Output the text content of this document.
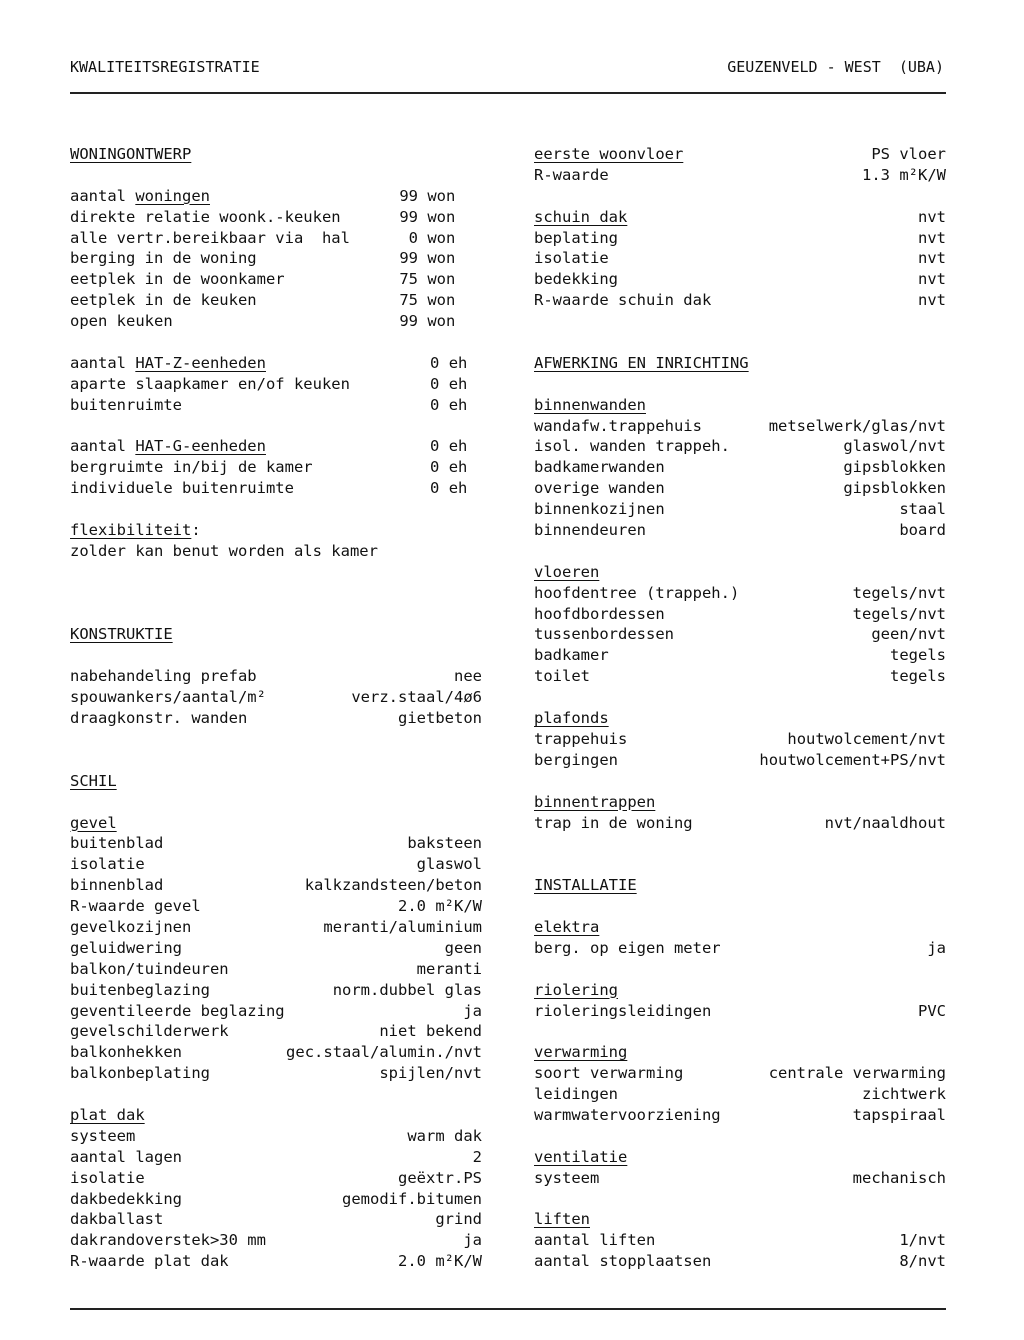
KWALITEITSREGISTRATIE	GEUZENVELD - WEST  (UBA)
WONINGONTWERP
aantal woningen	99 won
direkte relatie woonk.-keuken	99 won
alle vertr.bereikbaar via  hal	0 won
berging in de woning	99 won
eetplek in de woonkamer	75 won
eetplek in de keuken	75 won
open keuken	99 won
aantal HAT-Z-eenheden	0 eh
aparte slaapkamer en/of keuken	0 eh
buitenruimte	0 eh
aantal HAT-G-eenheden	0 eh
bergruimte in/bij de kamer	0 eh
individuele buitenruimte	0 eh
flexibiliteit:
zolder kan benut worden als kamer
KONSTRUKTIE
nabehandeling prefab	nee
spouwankers/aantal/m²	verz.staal/4ø6
draagkonstr. wanden	gietbeton
SCHIL
gevel
buitenblad	baksteen
isolatie	glaswol
binnenblad	kalkzandsteen/beton
R-waarde gevel	2.0 m²K/W
gevelkozijnen	meranti/aluminium
geluidwering	geen
balkon/tuindeuren	meranti
buitenbeglazing	norm.dubbel glas
geventileerde beglazing	ja
gevelschilderwerk	niet bekend
balkonhekken	gec.staal/alumin./nvt
balkonbeplating	spijlen/nvt
plat dak
systeem	warm dak
aantal lagen	2
isolatie	geëxtr.PS
dakbedekking	gemodif.bitumen
dakballast	grind
dakrandoverstek>30 mm	ja
R-waarde plat dak	2.0 m²K/W
eerste woonvloer	PS vloer
R-waarde	1.3 m²K/W
schuin dak	nvt
beplating	nvt
isolatie	nvt
bedekking	nvt
R-waarde schuin dak	nvt
AFWERKING EN INRICHTING
binnenwanden
wandafw.trappehuis	metselwerk/glas/nvt
isol. wanden trappeh.	glaswol/nvt
badkamerwanden	gipsblokken
overige wanden	gipsblokken
binnenkozijnen	staal
binnendeuren	board
vloeren
hoofdentree (trappeh.)	tegels/nvt
hoofdbordessen	tegels/nvt
tussenbordessen	geen/nvt
badkamer	tegels
toilet	tegels
plafonds
trappehuis	houtwolcement/nvt
bergingen	houtwolcement+PS/nvt
binnentrappen
trap in de woning	nvt/naaldhout
INSTALLATIE
elektra
berg. op eigen meter	ja
riolering
rioleringsleidingen	PVC
verwarming
soort verwarming	centrale verwarming
leidingen	zichtwerk
warmwatervoorziening	tapspiraal
ventilatie
systeem	mechanisch
liften
aantal liften	1/nvt
aantal stopplaatsen	8/nvt
